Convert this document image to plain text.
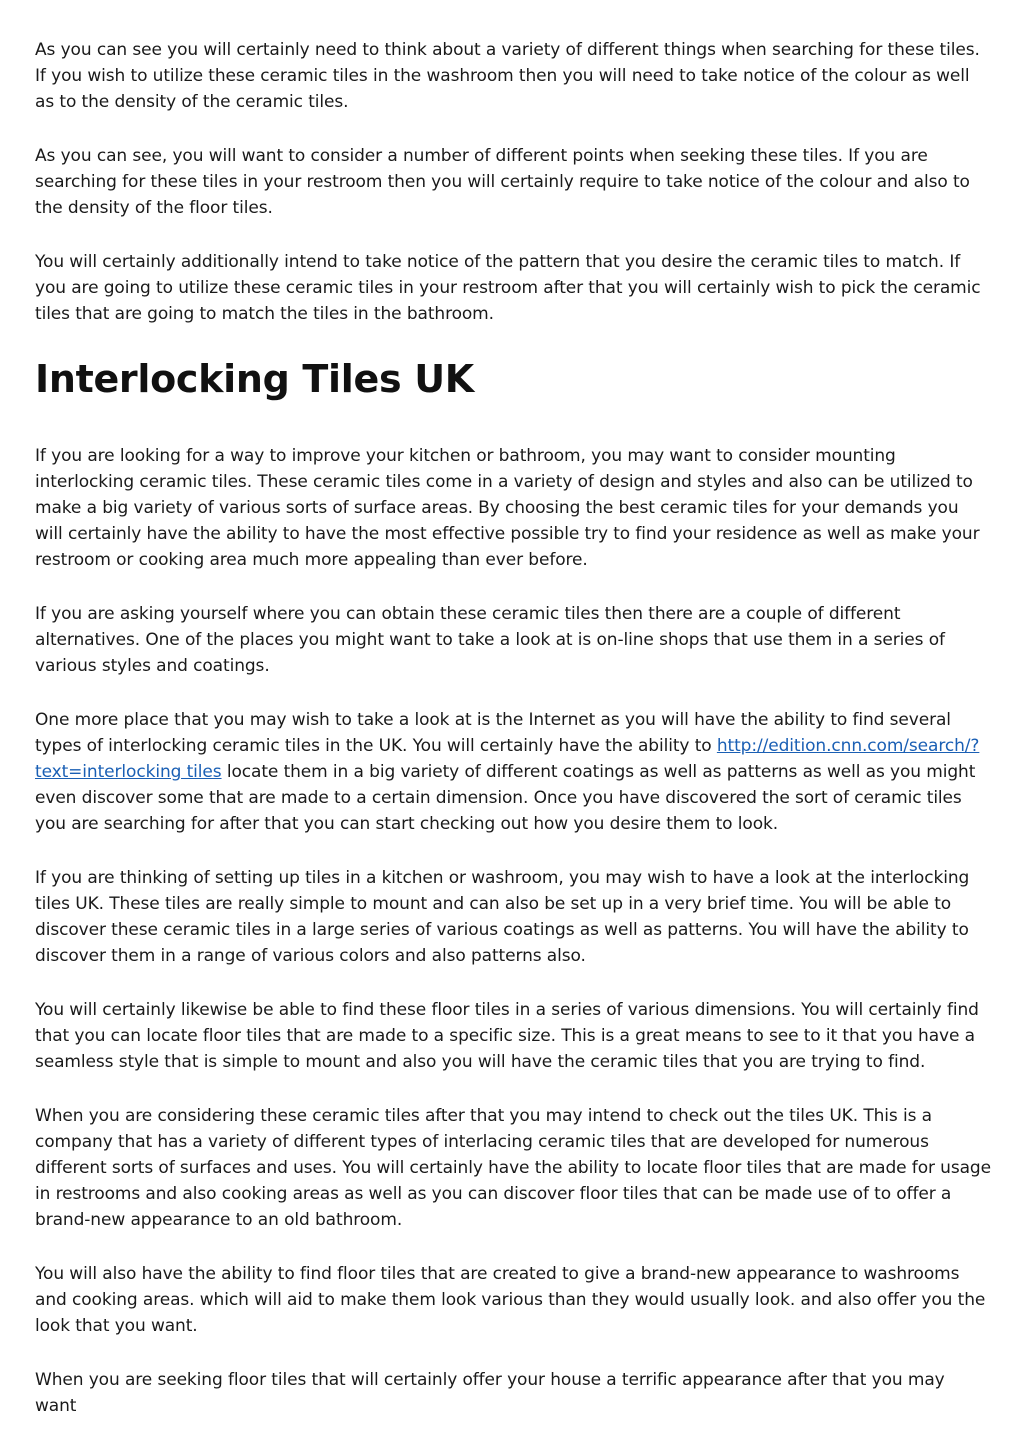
As you can see you will certainly need to think about a variety of different things when searching for these tiles. If you wish to utilize these ceramic tiles in the washroom then you will need to take notice of the colour as well as to the density of the ceramic tiles.

As you can see, you will want to consider a number of different points when seeking these tiles. If you are searching for these tiles in your restroom then you will certainly require to take notice of the colour and also to the density of the floor tiles.

You will certainly additionally intend to take notice of the pattern that you desire the ceramic tiles to match. If you are going to utilize these ceramic tiles in your restroom after that you will certainly wish to pick the ceramic tiles that are going to match the tiles in the bathroom.

Interlocking Tiles UK

If you are looking for a way to improve your kitchen or bathroom, you may want to consider mounting interlocking ceramic tiles. These ceramic tiles come in a variety of design and styles and also can be utilized to make a big variety of various sorts of surface areas. By choosing the best ceramic tiles for your demands you will certainly have the ability to have the most effective possible try to find your residence as well as make your restroom or cooking area much more appealing than ever before.

If you are asking yourself where you can obtain these ceramic tiles then there are a couple of different alternatives. One of the places you might want to take a look at is on-line shops that use them in a series of various styles and coatings.

One more place that you may wish to take a look at is the Internet as you will have the ability to find several types of interlocking ceramic tiles in the UK. You will certainly have the ability to http://edition.cnn.com/search/?text=interlocking tiles locate them in a big variety of different coatings as well as patterns as well as you might even discover some that are made to a certain dimension. Once you have discovered the sort of ceramic tiles you are searching for after that you can start checking out how you desire them to look.

If you are thinking of setting up tiles in a kitchen or washroom, you may wish to have a look at the interlocking tiles UK. These tiles are really simple to mount and can also be set up in a very brief time. You will be able to discover these ceramic tiles in a large series of various coatings as well as patterns. You will have the ability to discover them in a range of various colors and also patterns also.

You will certainly likewise be able to find these floor tiles in a series of various dimensions. You will certainly find that you can locate floor tiles that are made to a specific size. This is a great means to see to it that you have a seamless style that is simple to mount and also you will have the ceramic tiles that you are trying to find.

When you are considering these ceramic tiles after that you may intend to check out the tiles UK. This is a company that has a variety of different types of interlacing ceramic tiles that are developed for numerous different sorts of surfaces and uses. You will certainly have the ability to locate floor tiles that are made for usage in restrooms and also cooking areas as well as you can discover floor tiles that can be made use of to offer a brand-new appearance to an old bathroom.

You will also have the ability to find floor tiles that are created to give a brand-new appearance to washrooms and cooking areas. which will aid to make them look various than they would usually look. and also offer you the look that you want.

When you are seeking floor tiles that will certainly offer your house a terrific appearance after that you may want
